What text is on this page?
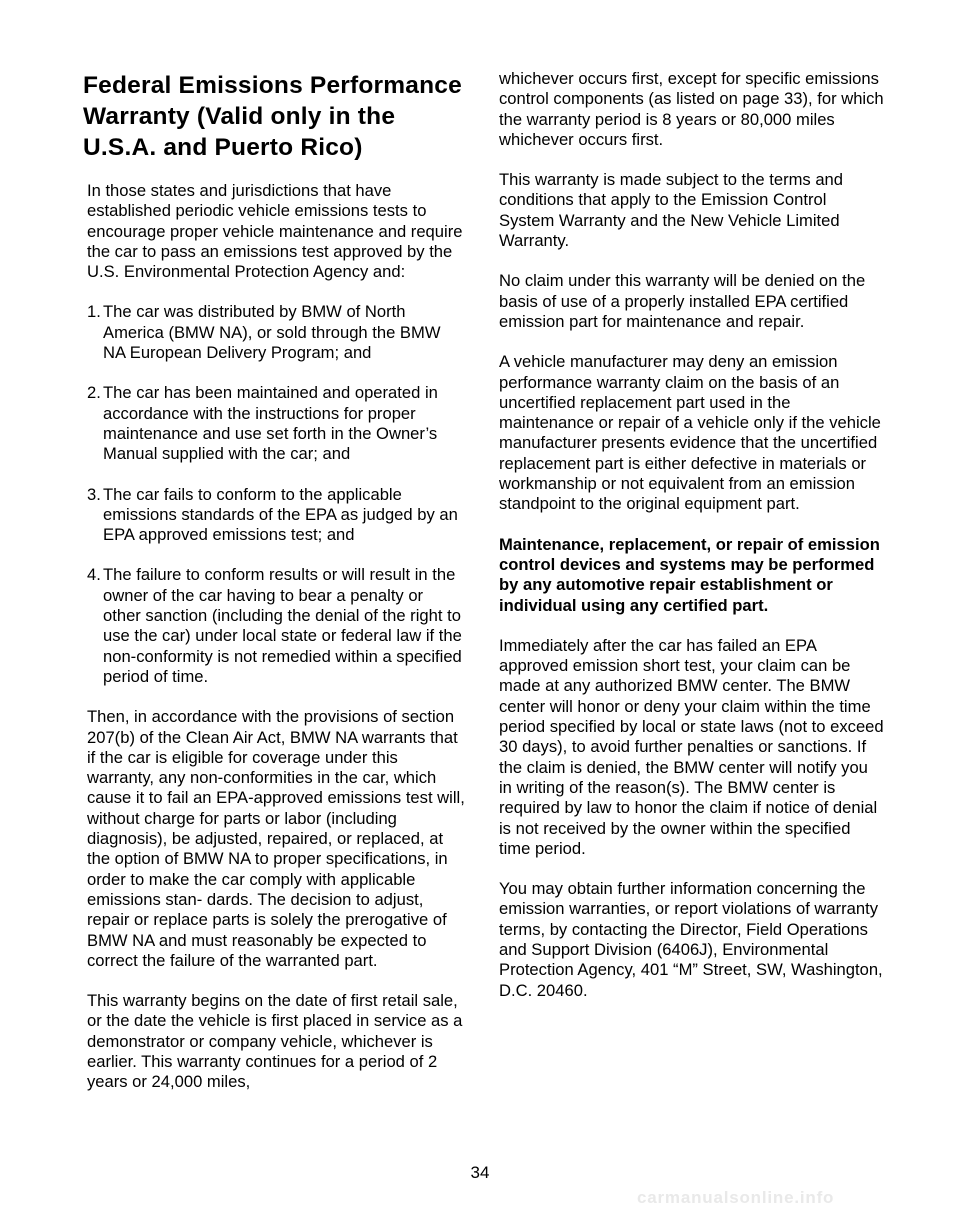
Federal Emissions Performance Warranty (Valid only in the U.S.A. and Puerto Rico)

In those states and jurisdictions that have established periodic vehicle emissions tests to encourage proper vehicle maintenance and require the car to pass an emissions test approved by the U.S. Environmental Protection Agency and:

1. The car was distributed by BMW of North America (BMW NA), or sold through the BMW NA European Delivery Program; and
2. The car has been maintained and operated in accordance with the instructions for proper maintenance and use set forth in the Owner’s Manual supplied with the car; and
3. The car fails to conform to the applicable emissions standards of the EPA as judged by an EPA approved emissions test; and
4. The failure to conform results or will result in the owner of the car having to bear a penalty or other sanction (including the denial of the right to use the car) under local state or federal law if the non-conformity is not remedied within a specified period of time.

Then, in accordance with the provisions of section 207(b) of the Clean Air Act, BMW NA warrants that if the car is eligible for coverage under this warranty, any non-conformities in the car, which cause it to fail an EPA-approved emissions test will, without charge for parts or labor (including diagnosis), be adjusted, repaired, or replaced, at the option of BMW NA to proper specifications, in order to make the car comply with applicable emissions stan- dards. The decision to adjust, repair or replace parts is solely the prerogative of BMW NA and must reasonably be expected to correct the failure of the warranted part.

This warranty begins on the date of first retail sale, or the date the vehicle is first placed in service as a demonstrator or company vehicle, whichever is earlier. This warranty continues for a period of 2 years or 24,000 miles,

whichever occurs first, except for specific emissions control components (as listed on page 33), for which the warranty period is 8 years or 80,000 miles whichever occurs first.

This warranty is made subject to the terms and conditions that apply to the Emission Control System Warranty and the New Vehicle Limited Warranty.

No claim under this warranty will be denied on the basis of use of a properly installed EPA certified emission part for maintenance and repair.

A vehicle manufacturer may deny an emission performance warranty claim on the basis of an uncertified replacement part used in the maintenance or repair of a vehicle only if the vehicle manufacturer presents evidence that the uncertified replacement part is either defective in materials or workmanship or not equivalent from an emission standpoint to the original equipment part.

Maintenance, replacement, or repair of emission control devices and systems may be performed by any automotive repair establishment or individual using any certified part.

Immediately after the car has failed an EPA approved emission short test, your claim can be made at any authorized BMW center. The BMW center will honor or deny your claim within the time period specified by local or state laws (not to exceed 30 days), to avoid further penalties or sanctions. If the claim is denied, the BMW center will notify you in writing of the reason(s). The BMW center is required by law to honor the claim if notice of denial is not received by the owner within the specified time period.

You may obtain further information concerning the emission warranties, or report violations of warranty terms, by contacting the Director, Field Operations and Support Division (6406J), Environmental Protection Agency, 401 “M” Street, SW, Washington, D.C. 20460.

34
carmanualsonline.info
